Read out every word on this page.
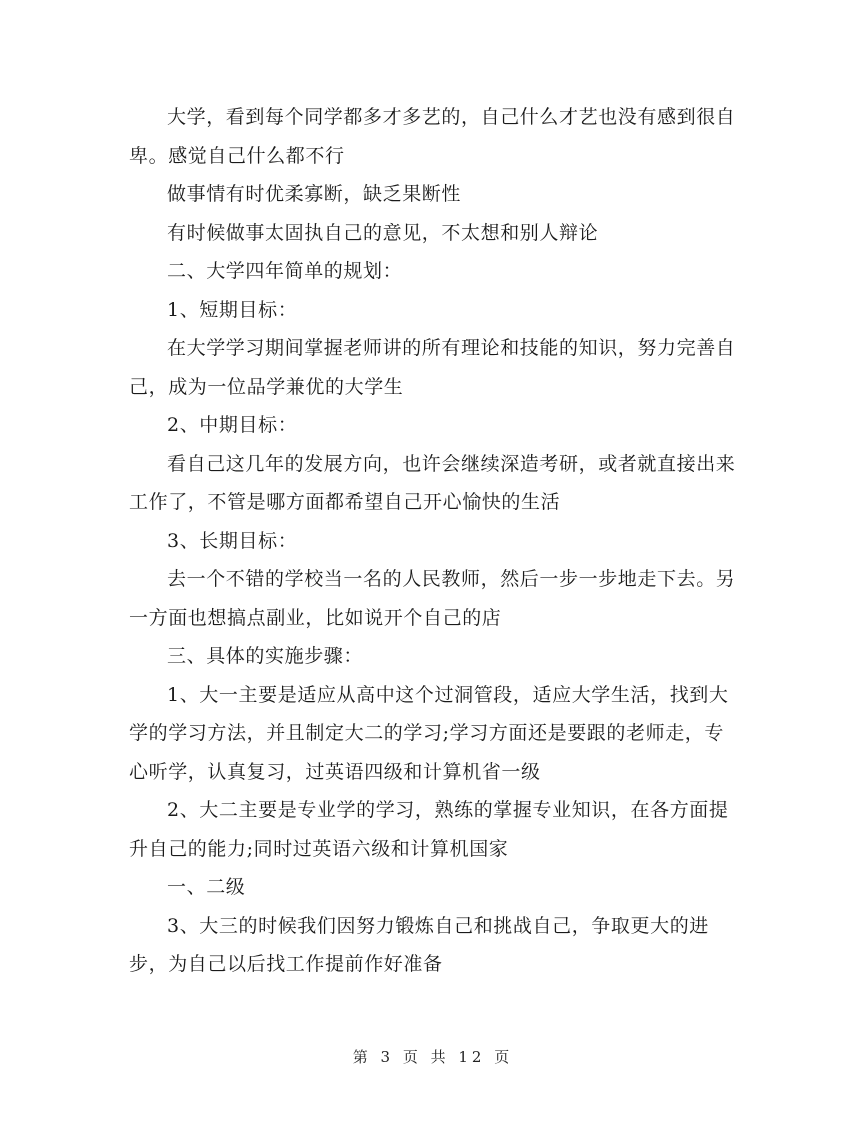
大学，看到每个同学都多才多艺的，自己什么才艺也没有感到很自卑。感觉自己什么都不行

做事情有时优柔寡断，缺乏果断性

有时候做事太固执自己的意见，不太想和别人辩论

二、大学四年简单的规划：

1、短期目标：

在大学学习期间掌握老师讲的所有理论和技能的知识，努力完善自己，成为一位品学兼优的大学生

2、中期目标：

看自己这几年的发展方向，也许会继续深造考研，或者就直接出来工作了，不管是哪方面都希望自己开心愉快的生活

3、长期目标：

去一个不错的学校当一名的人民教师，然后一步一步地走下去。另一方面也想搞点副业，比如说开个自己的店

三、具体的实施步骤：

1、大一主要是适应从高中这个过洞管段，适应大学生活，找到大学的学习方法，并且制定大二的学习;学习方面还是要跟的老师走，专心听学，认真复习，过英语四级和计算机省一级

2、大二主要是专业学的学习，熟练的掌握专业知识，在各方面提升自己的能力;同时过英语六级和计算机国家

一、二级

3、大三的时候我们因努力锻炼自己和挑战自己，争取更大的进步，为自己以后找工作提前作好准备

第 3 页 共 12 页
